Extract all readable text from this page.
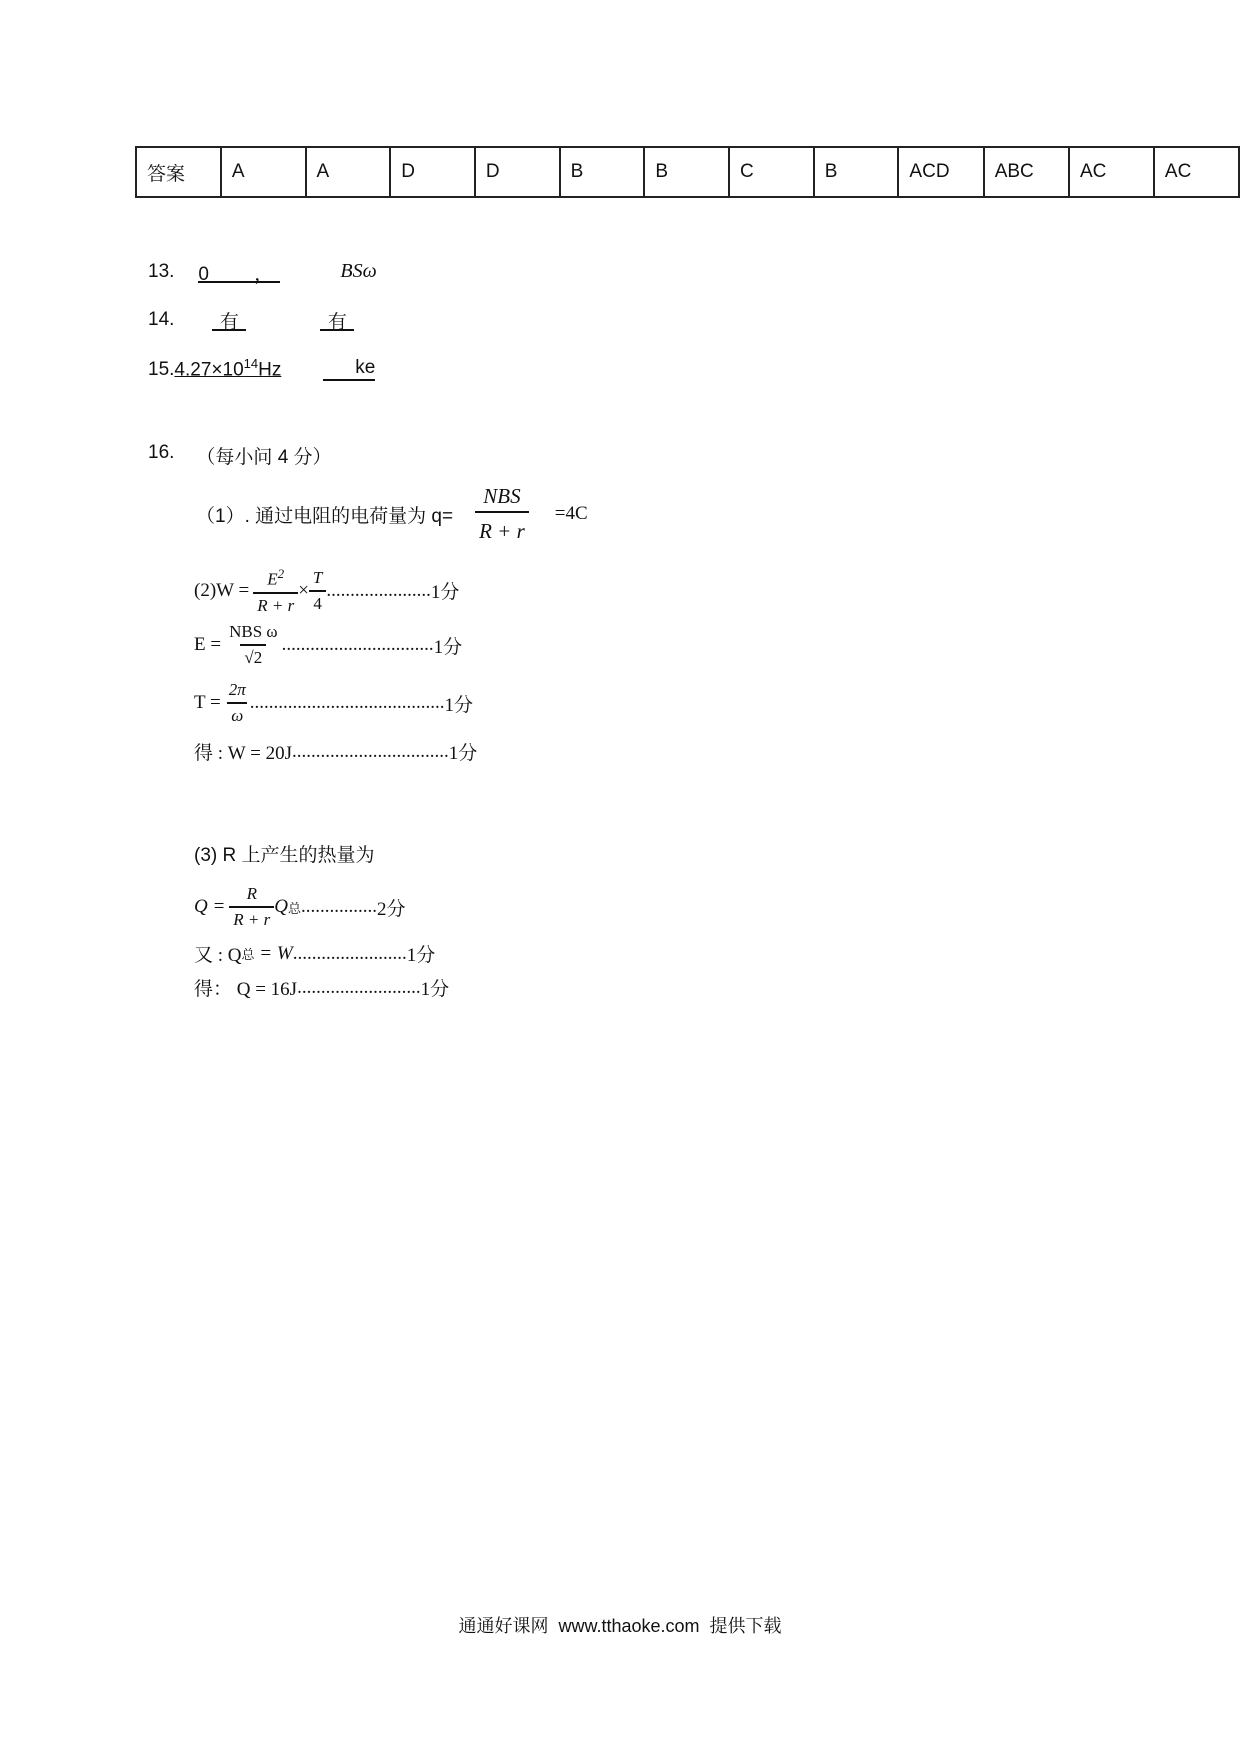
答案	A	A	D	D	B	B	C	B	ACD	ABC	AC	AC
13. 0 ，	BSω
14.	有	有
15. $4.27\times 10^{14}Hz$	ke
16. （每小问 4 分）
（1）. 通过电阻的电荷量为 $q= \frac{\text{NBS}}{R + r} =4C$
$(2)W = \frac{E^2}{R + r} \times \frac{T}{4}$ ...................... 1分
$E = \frac{\text{NBS ω}}{√2}$ ................................ 1分
$T = \frac{2\pi}{\omega}$ ......................................... 1分
得 : W = 20J ................................. 1分
(3) R 上产生的热量为
$Q = \frac{R}{R + r}$ Q 总 ................ 2分
又 : Q 总 = W ........................ 1分
得： Q = 16J .......................... 1分
通通好课网  www.tthaoke.com  提供下载
